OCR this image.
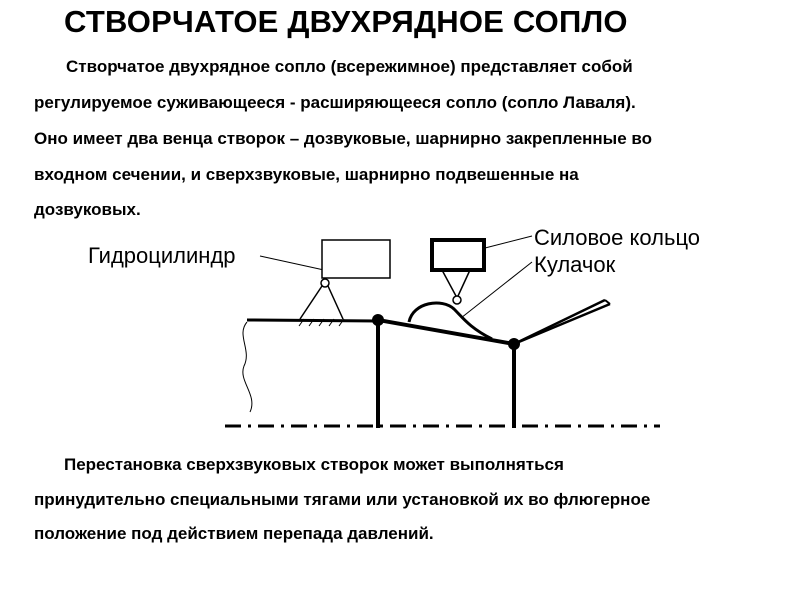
СТВОРЧАТОЕ ДВУХРЯДНОЕ СОПЛО
Створчатое двухрядное сопло (всережимное) представляет собой
регулируемое суживающееся - расширяющееся сопло (сопло Лаваля).
Оно имеет два венца створок – дозвуковые, шарнирно закрепленные во
входном сечении, и сверхзвуковые, шарнирно подвешенные на
дозвуковых.
Гидроцилиндр
Силовое кольцо
Кулачок
Перестановка сверхзвуковых створок может выполняться
принудительно специальными тягами или установкой их во флюгерное
положение под действием перепада давлений.
